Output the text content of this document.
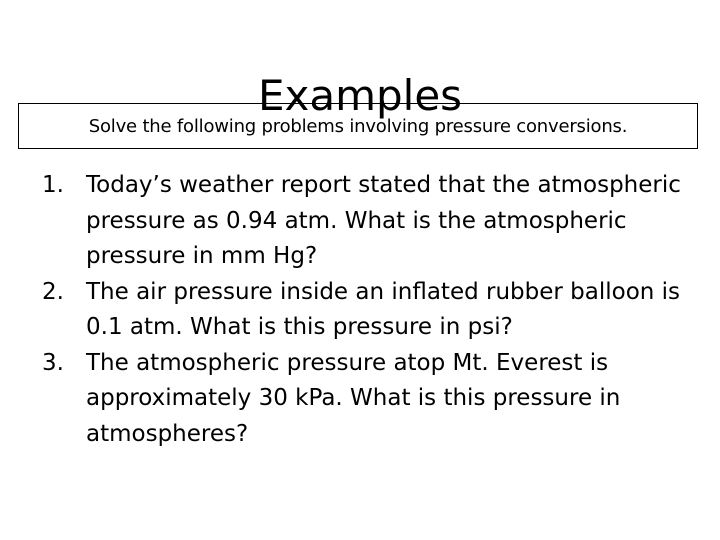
Examples
Solve the following problems involving pressure conversions.
1. Today’s weather report stated that the atmospheric pressure as 0.94 atm. What is the atmospheric pressure in mm Hg?
2. The air pressure inside an inflated rubber balloon is 0.1 atm. What is this pressure in psi?
3. The atmospheric pressure atop Mt. Everest is approximately 30 kPa. What is this pressure in atmospheres?
